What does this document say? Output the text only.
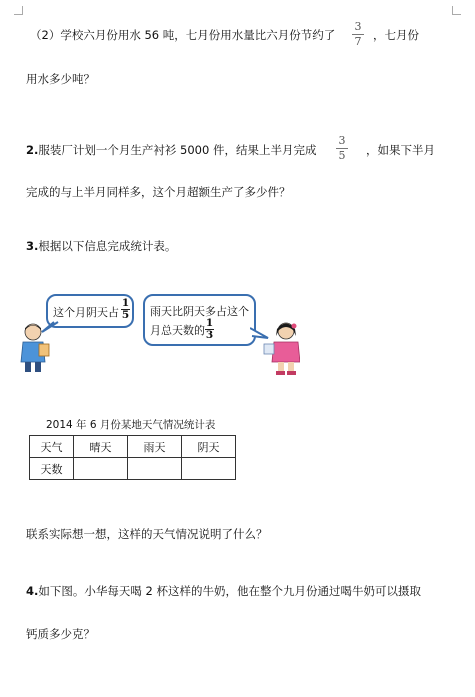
（2）学校六月份用水 56 吨，七月份用水量比六月份节约了
3
7 ，七月份
用水多少吨？
2.服装厂计划一个月生产衬衫 5000 件，结果上半月完成
3
5 ，如果下半月
完成的与上半月同样多，这个月超额生产了多少件？
3.根据以下信息完成统计表。
这个月阴天占
1
5 雨天比阴天多占这个
月总天数的
1
3
2014 年 6 月份某地天气情况统计表
天气	晴天	雨天	阴天
天数			
联系实际想一想，这样的天气情况说明了什么？
4.如下图。小华每天喝 2 杯这样的牛奶，他在整个九月份通过喝牛奶可以摄取
钙质多少克？
